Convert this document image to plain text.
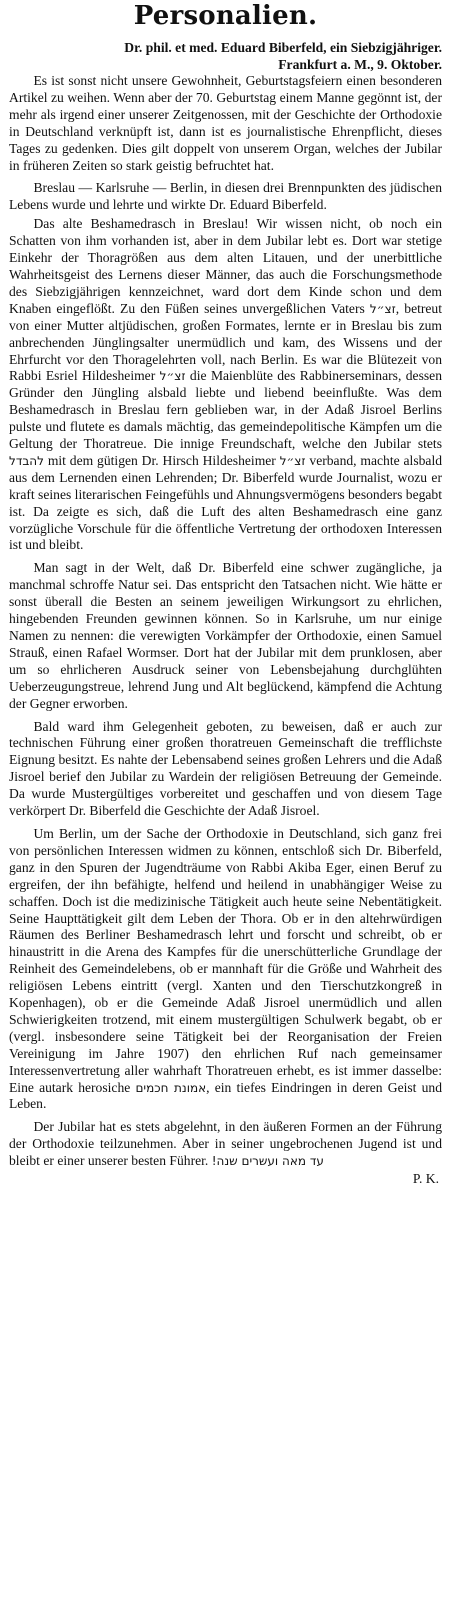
Personalien.
Dr. phil. et med. Eduard Biberfeld, ein Siebzigjähriger.
Frankfurt a. M., 9. Oktober.

Es ist sonst nicht unsere Gewohnheit, Geburtstagsfeiern einen besonderen Artikel zu weihen. Wenn aber der 70. Geburtstag einem Manne gegönnt ist, der mehr als irgend einer unserer Zeitgenossen, mit der Geschichte der Orthodoxie in Deutschland verknüpft ist, dann ist es journalistische Ehrenpflicht, dieses Tages zu gedenken. Dies gilt doppelt von unserem Organ, welches der Jubilar in früheren Zeiten so stark geistig befruchtet hat.

Breslau — Karlsruhe — Berlin, in diesen drei Brennpunkten des jüdischen Lebens wurde und lehrte und wirkte Dr. Eduard Biberfeld.

Das alte Beshamedrasch in Breslau! Wir wissen nicht, ob noch ein Schatten von ihm vorhanden ist, aber in dem Jubilar lebt es. Dort war stetige Einkehr der Thoragrößen aus dem alten Litauen, und der unerbittliche Wahrheitsgeist des Lernens dieser Männer, das auch die Forschungsmethode des Siebzigjährigen kennzeichnet, ward dort dem Kinde schon und dem Knaben eingeflößt. Zu den Füßen seines unvergeßlichen Vaters זצ״ל, betreut von einer Mutter altjüdischen, großen Formates, lernte er in Breslau bis zum anbrechenden Jünglingsalter unermüdlich und kam, des Wissens und der Ehrfurcht vor den Thoragelehrten voll, nach Berlin. Es war die Blütezeit von Rabbi Esriel Hildesheimer זצ״ל die Maienblüte des Rabbinerseminars, dessen Gründer den Jüngling alsbald liebte und liebend beeinflußte. Was dem Beshamedrasch in Breslau fern geblieben war, in der Adaß Jisroel Berlins pulste und flutete es damals mächtig, das gemeindepolitische Kämpfen um die Geltung der Thoratreue. Die innige Freundschaft, welche den Jubilar stets להבדל mit dem gütigen Dr. Hirsch Hildesheimer זצ״ל verband, machte alsbald aus dem Lernenden einen Lehrenden; Dr. Biberfeld wurde Journalist, wozu er kraft seines literarischen Feingefühls und Ahnungsvermögens besonders begabt ist. Da zeigte es sich, daß die Luft des alten Beshamedrasch eine ganz vorzügliche Vorschule für die öffentliche Vertretung der orthodoxen Interessen ist und bleibt.

Man sagt in der Welt, daß Dr. Biberfeld eine schwer zugängliche, ja manchmal schroffe Natur sei. Das entspricht den Tatsachen nicht. Wie hätte er sonst überall die Besten an seinem jeweiligen Wirkungsort zu ehrlichen, hingebenden Freunden gewinnen können. So in Karlsruhe, um nur einige Namen zu nennen: die verewigten Vorkämpfer der Orthodoxie, einen Samuel Strauß, einen Rafael Wormser. Dort hat der Jubilar mit dem prunklosen, aber um so ehrlicheren Ausdruck seiner von Lebensbejahung durchglühten Ueberzeugungstreue, lehrend Jung und Alt beglückend, kämpfend die Achtung der Gegner erworben.

Bald ward ihm Gelegenheit geboten, zu beweisen, daß er auch zur technischen Führung einer großen thoratreuen Gemeinschaft die trefflichste Eignung besitzt. Es nahte der Lebensabend seines großen Lehrers und die Adaß Jisroel berief den Jubilar zu Wardein der religiösen Betreuung der Gemeinde. Da wurde Mustergültiges vorbereitet und geschaffen und von diesem Tage verkörpert Dr. Biberfeld die Geschichte der Adaß Jisroel.

Um Berlin, um der Sache der Orthodoxie in Deutschland, sich ganz frei von persönlichen Interessen widmen zu können, entschloß sich Dr. Biberfeld, ganz in den Spuren der Jugendträume von Rabbi Akiba Eger, einen Beruf zu ergreifen, der ihn befähigte, helfend und heilend in unabhängiger Weise zu schaffen. Doch ist die medizinische Tätigkeit auch heute seine Nebentätigkeit. Seine Haupttätigkeit gilt dem Leben der Thora. Ob er in den altehrwürdigen Räumen des Berliner Beshamedrasch lehrt und forscht und schreibt, ob er hinaustritt in die Arena des Kampfes für die unerschütterliche Grundlage der Reinheit des Gemeindelebens, ob er mannhaft für die Größe und Wahrheit des religiösen Lebens eintritt (vergl. Xanten und den Tierschutzkongreß in Kopenhagen), ob er die Gemeinde Adaß Jisroel unermüdlich und allen Schwierigkeiten trotzend, mit einem mustergültigen Schulwerk begabt, ob er (vergl. insbesondere seine Tätigkeit bei der Reorganisation der Freien Vereinigung im Jahre 1907) den ehrlichen Ruf nach gemeinsamer Interessenvertretung aller wahrhaft Thoratreuen erhebt, es ist immer dasselbe: Eine autark herosiche אמונת חכמים, ein tiefes Eindringen in deren Geist und Leben.

Der Jubilar hat es stets abgelehnt, in den äußeren Formen an der Führung der Orthodoxie teilzunehmen. Aber in seiner ungebrochenen Jugend ist und bleibt er einer unserer besten Führer. עד מאה ועשרים שנה!

P. K.
